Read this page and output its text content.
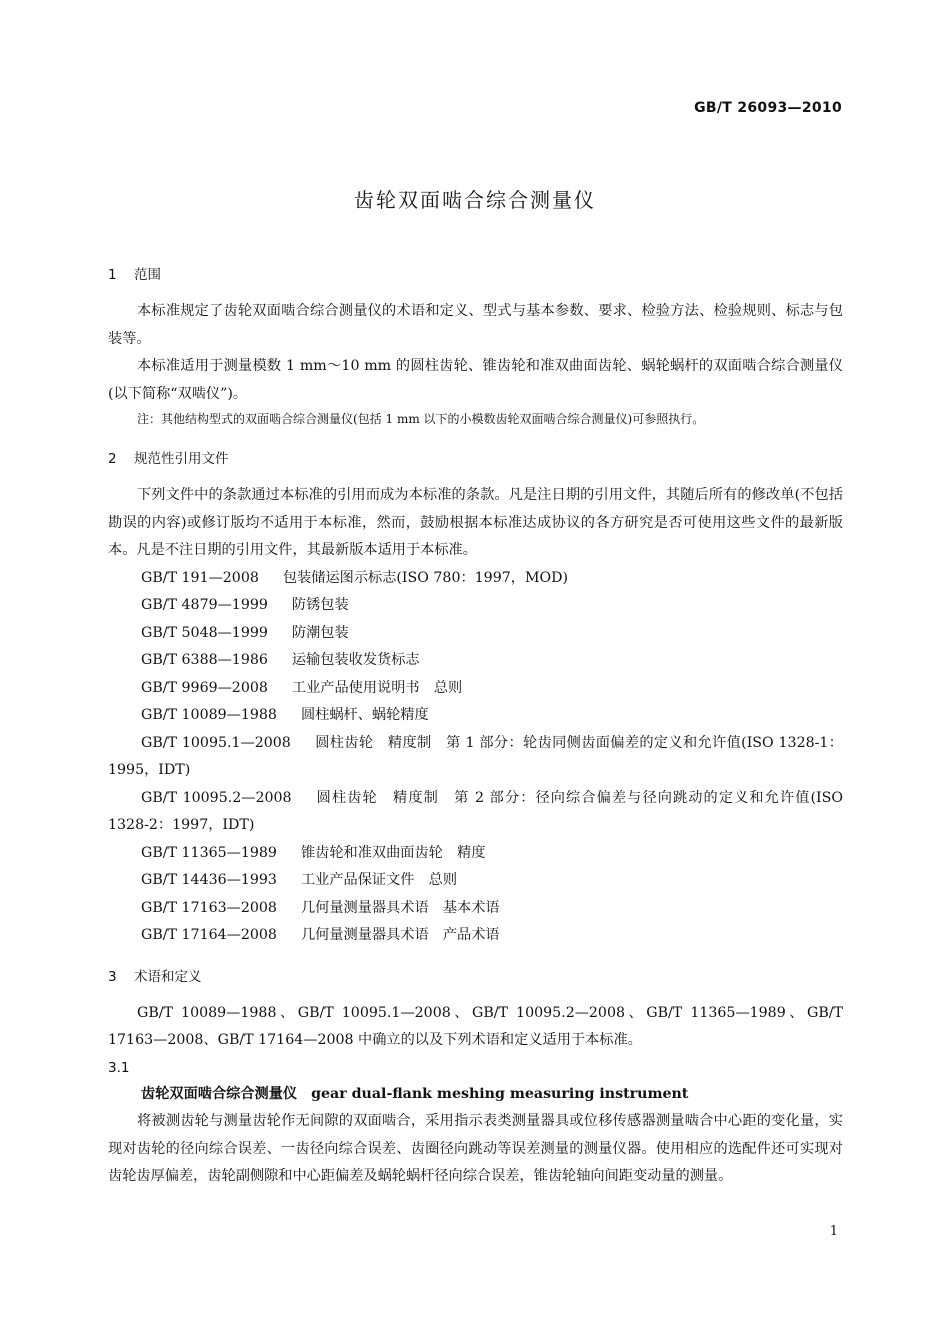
GB/T 26093—2010
齿轮双面啮合综合测量仪
1 范围

本标准规定了齿轮双面啮合综合测量仪的术语和定义、型式与基本参数、要求、检验方法、检验规则、标志与包装等。

本标准适用于测量模数 1 mm～10 mm 的圆柱齿轮、锥齿轮和准双曲面齿轮、蜗轮蜗杆的双面啮合综合测量仪(以下简称“双啮仪”)。

注：其他结构型式的双面啮合综合测量仪(包括 1 mm 以下的小模数齿轮双面啮合综合测量仪)可参照执行。

2 规范性引用文件

下列文件中的条款通过本标准的引用而成为本标准的条款。凡是注日期的引用文件，其随后所有的修改单(不包括勘误的内容)或修订版均不适用于本标准，然而，鼓励根据本标准达成协议的各方研究是否可使用这些文件的最新版本。凡是不注日期的引用文件，其最新版本适用于本标准。

GB/T 191—2008 包装储运图示标志(ISO 780：1997，MOD)

GB/T 4879—1999 防锈包装

GB/T 5048—1999 防潮包装

GB/T 6388—1986 运输包装收发货标志

GB/T 9969—2008 工业产品使用说明书　总则

GB/T 10089—1988 圆柱蜗杆、蜗轮精度

GB/T 10095.1—2008 圆柱齿轮　精度制　第 1 部分：轮齿同侧齿面偏差的定义和允许值(ISO 1328-1：1995，IDT)

GB/T 10095.2—2008 圆柱齿轮　精度制　第 2 部分：径向综合偏差与径向跳动的定义和允许值(ISO 1328-2：1997，IDT)

GB/T 11365—1989 锥齿轮和准双曲面齿轮　精度

GB/T 14436—1993 工业产品保证文件　总则

GB/T 17163—2008 几何量测量器具术语　基本术语

GB/T 17164—2008 几何量测量器具术语　产品术语

3 术语和定义

GB/T 10089—1988、GB/T 10095.1—2008、GB/T 10095.2—2008、GB/T 11365—1989、GB/T 17163—2008、GB/T 17164—2008 中确立的以及下列术语和定义适用于本标准。

3.1
齿轮双面啮合综合测量仪 gear dual-flank meshing measuring instrument

将被测齿轮与测量齿轮作无间隙的双面啮合，采用指示表类测量器具或位移传感器测量啮合中心距的变化量，实现对齿轮的径向综合误差、一齿径向综合误差、齿圈径向跳动等误差测量的测量仪器。使用相应的选配件还可实现对齿轮齿厚偏差，齿轮副侧隙和中心距偏差及蜗轮蜗杆径向综合误差，锥齿轮轴向间距变动量的测量。

1
